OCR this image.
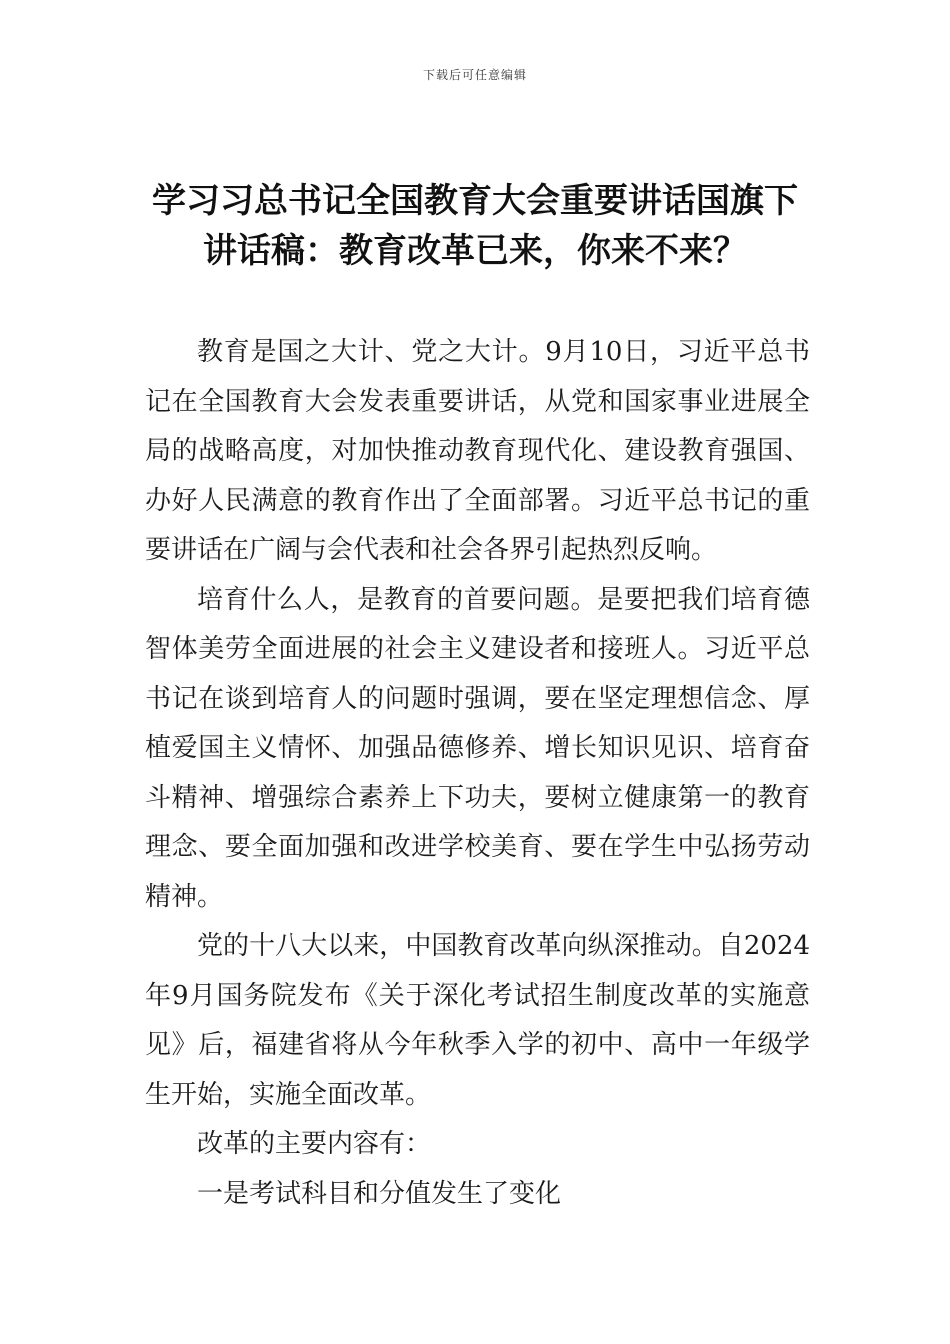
下载后可任意编辑
学习习总书记全国教育大会重要讲话国旗下讲话稿：教育改革已来，你来不来？

教育是国之大计、党之大计。9月10日，习近平总书记在全国教育大会发表重要讲话，从党和国家事业进展全局的战略高度，对加快推动教育现代化、建设教育强国、办好人民满意的教育作出了全面部署。习近平总书记的重要讲话在广阔与会代表和社会各界引起热烈反响。

培育什么人，是教育的首要问题。是要把我们培育德智体美劳全面进展的社会主义建设者和接班人。习近平总书记在谈到培育人的问题时强调，要在坚定理想信念、厚植爱国主义情怀、加强品德修养、增长知识见识、培育奋斗精神、增强综合素养上下功夫，要树立健康第一的教育理念、要全面加强和改进学校美育、要在学生中弘扬劳动精神。

党的十八大以来，中国教育改革向纵深推动。自2024年9月国务院发布《关于深化考试招生制度改革的实施意见》后，福建省将从今年秋季入学的初中、高中一年级学生开始，实施全面改革。

改革的主要内容有：

一是考试科目和分值发生了变化
